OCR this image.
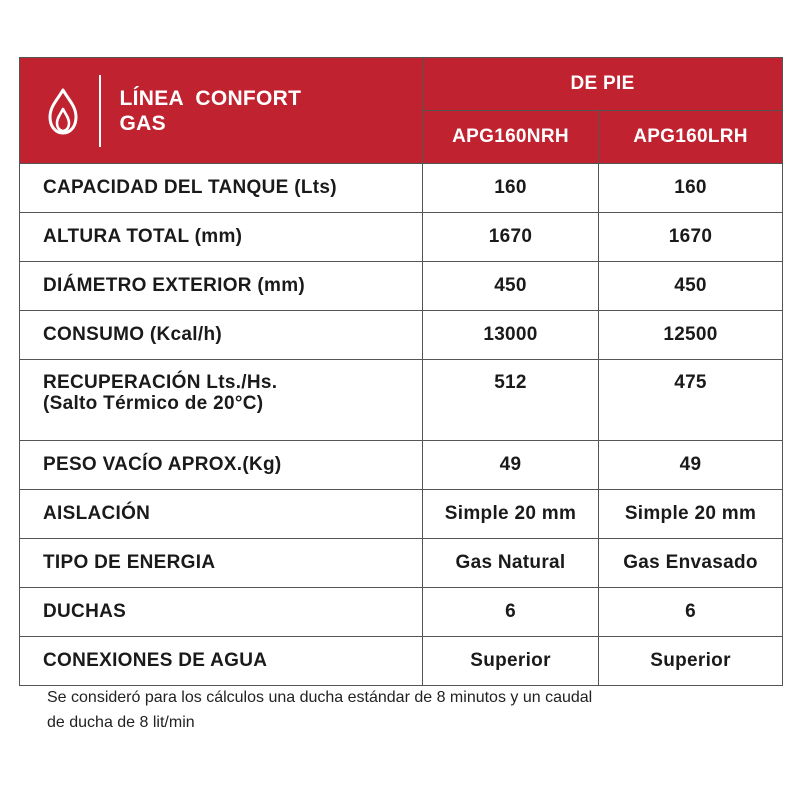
LÍNEA CONFORT
GAS	DE PIE	
	APG160NRH	APG160LRH
CAPACIDAD DEL TANQUE (Lts)	160	160
ALTURA TOTAL (mm)	1670	1670
DIÁMETRO EXTERIOR (mm)	450	450
CONSUMO (Kcal/h)	13000	12500

RECUPERACIÓN Lts./Hs.
(Salto Térmico de 20°C)	512	475
PESO VACÍO APROX.(Kg)	49	49
AISLACIÓN	Simple 20 mm	Simple 20 mm
TIPO DE ENERGIA	Gas Natural	Gas Envasado
DUCHAS	6	6
CONEXIONES DE AGUA	Superior	Superior
Se consideró para los cálculos una ducha estándar de 8 minutos y un caudal
de ducha de 8 lit/min
